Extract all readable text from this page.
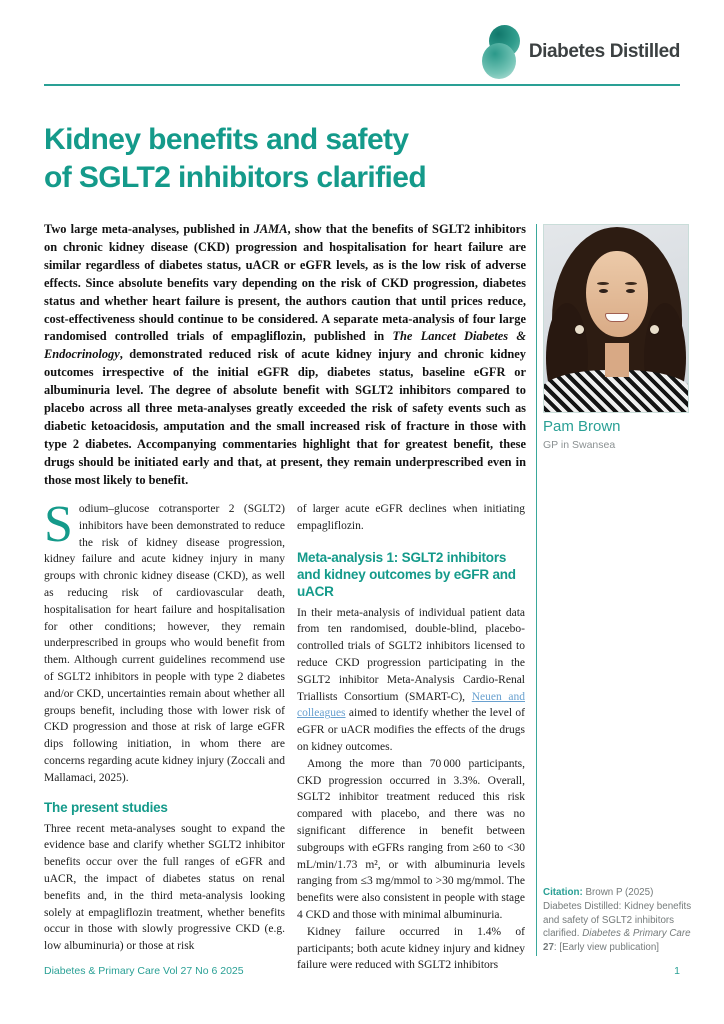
Diabetes Distilled
Kidney benefits and safety
of SGLT2 inhibitors clarified

Two large meta-analyses, published in JAMA, show that the benefits of SGLT2 inhibitors on chronic kidney disease (CKD) progression and hospitalisation for heart failure are similar regardless of diabetes status, uACR or eGFR levels, as is the low risk of adverse effects. Since absolute benefits vary depending on the risk of CKD progression, diabetes status and whether heart failure is present, the authors caution that until prices reduce, cost-effectiveness should continue to be considered. A separate meta-analysis of four large randomised controlled trials of empagliflozin, published in The Lancet Diabetes & Endocrinology, demonstrated reduced risk of acute kidney injury and chronic kidney outcomes irrespective of the initial eGFR dip, diabetes status, baseline eGFR or albuminuria level. The degree of absolute benefit with SGLT2 inhibitors compared to placebo across all three meta-analyses greatly exceeded the risk of safety events such as diabetic ketoacidosis, amputation and the small increased risk of fracture in those with type 2 diabetes. Accompanying commentaries highlight that for greatest benefit, these drugs should be initiated early and that, at present, they remain underprescribed even in those most likely to benefit.

Pam Brown
GP in Swansea

Sodium–glucose cotransporter 2 (SGLT2) inhibitors have been demonstrated to reduce the risk of kidney disease progression, kidney failure and acute kidney injury in many groups with chronic kidney disease (CKD), as well as reducing risk of cardiovascular death, hospitalisation for heart failure and hospitalisation for other conditions; however, they remain underprescribed in groups who would benefit from them. Although current guidelines recommend use of SGLT2 inhibitors in people with type 2 diabetes and/or CKD, uncertainties remain about whether all groups benefit, including those with lower risk of CKD progression and those at risk of large eGFR dips following initiation, in whom there are concerns regarding acute kidney injury (Zoccali and Mallamaci, 2025).

The present studies

Three recent meta-analyses sought to expand the evidence base and clarify whether SGLT2 inhibitor benefits occur over the full ranges of eGFR and uACR, the impact of diabetes status on renal benefits and, in the third meta-analysis looking solely at empagliflozin treatment, whether benefits occur in those with slowly progressive CKD (e.g. low albuminuria) or those at risk

of larger acute eGFR declines when initiating empagliflozin.

Meta-analysis 1: SGLT2 inhibitors and kidney outcomes by eGFR and uACR

In their meta-analysis of individual patient data from ten randomised, double-blind, placebo-controlled trials of SGLT2 inhibitors licensed to reduce CKD progression participating in the SGLT2 inhibitor Meta-Analysis Cardio-Renal Triallists Consortium (SMART-C), Neuen and colleagues aimed to identify whether the level of eGFR or uACR modifies the effects of the drugs on kidney outcomes.

Among the more than 70 000 participants, CKD progression occurred in 3.3%. Overall, SGLT2 inhibitor treatment reduced this risk compared with placebo, and there was no significant difference in benefit between subgroups with eGFRs ranging from ≥60 to <30 mL/min/1.73 m², or with albuminuria levels ranging from ≤3 mg/mmol to >30 mg/mmol. The benefits were also consistent in people with stage 4 CKD and those with minimal albuminuria.

Kidney failure occurred in 1.4% of participants; both acute kidney injury and kidney failure were reduced with SGLT2 inhibitors

Citation: Brown P (2025) Diabetes Distilled: Kidney benefits and safety of SGLT2 inhibitors clarified. Diabetes & Primary Care 27: [Early view publication]
Diabetes & Primary Care Vol 27 No 6 2025	1
